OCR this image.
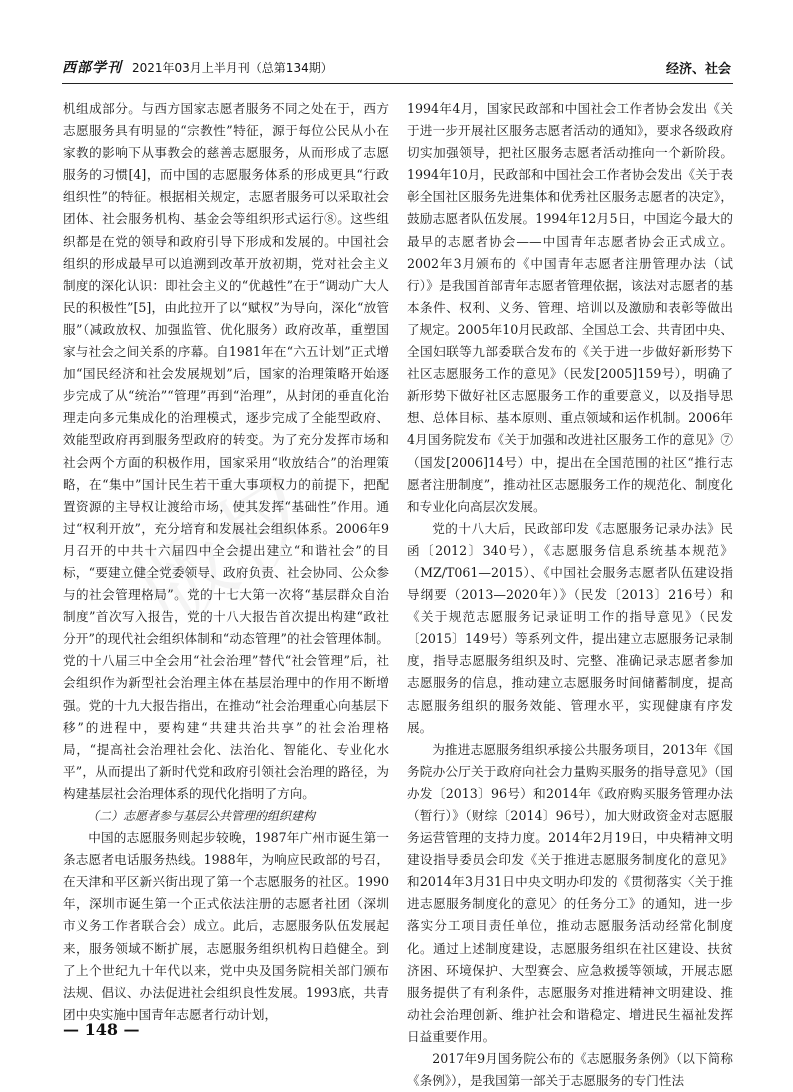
西部学刊 2021年03月上半月刊（总第134期）	经济、社会

机组成部分。与西方国家志愿者服务不同之处在于，西方志愿服务具有明显的“宗教性”特征，源于每位公民从小在家教的影响下从事教会的慈善志愿服务，从而形成了志愿服务的习惯[4]，而中国的志愿服务体系的形成更具“行政组织性”的特征。根据相关规定，志愿者服务可以采取社会团体、社会服务机构、基金会等组织形式运行⑧。这些组织都是在党的领导和政府引导下形成和发展的。中国社会组织的形成最早可以追溯到改革开放初期，党对社会主义制度的深化认识：即社会主义的“优越性”在于“调动广大人民的积极性”[5]，由此拉开了以“赋权”为导向，深化“放管服”（减政放权、加强监管、优化服务）政府改革，重塑国家与社会之间关系的序幕。自1981年在“六五计划”正式增加“国民经济和社会发展规划”后，国家的治理策略开始逐步完成了从“统治”“管理”再到“治理”，从封闭的垂直化治理走向多元集成化的治理模式，逐步完成了全能型政府、效能型政府再到服务型政府的转变。为了充分发挥市场和社会两个方面的积极作用，国家采用“收放结合”的治理策略，在“集中”国计民生若干重大事项权力的前提下，把配置资源的主导权让渡给市场，使其发挥“基础性”作用。通过“权利开放”，充分培育和发展社会组织体系。2006年9月召开的中共十六届四中全会提出建立“和谐社会”的目标，“要建立健全党委领导、政府负责、社会协同、公众参与的社会管理格局”。党的十七大第一次将“基层群众自治制度”首次写入报告，党的十八大报告首次提出构建“政社分开”的现代社会组织体制和“动态管理”的社会管理体制。党的十八届三中全会用“社会治理”替代“社会管理”后，社会组织作为新型社会治理主体在基层治理中的作用不断增强。党的十九大报告指出，在推动“社会治理重心向基层下移”的进程中，要构建“共建共治共享”的社会治理格局，“提高社会治理社会化、法治化、智能化、专业化水平”，从而提出了新时代党和政府引领社会治理的路径，为构建基层社会治理体系的现代化指明了方向。

（二）志愿者参与基层公共管理的组织建构

中国的志愿服务则起步较晚，1987年广州市诞生第一条志愿者电话服务热线。1988年，为响应民政部的号召，在天津和平区新兴街出现了第一个志愿服务的社区。1990年，深圳市诞生第一个正式依法注册的志愿者社团（深圳市义务工作者联合会）成立。此后，志愿服务队伍发展起来，服务领域不断扩展，志愿服务组织机构日趋健全。到了上个世纪九十年代以来，党中央及国务院相关部门颁布法规、倡议、办法促进社会组织良性发展。1993底，共青团中央实施中国青年志愿者行动计划，

1994年4月，国家民政部和中国社会工作者协会发出《关于进一步开展社区服务志愿者活动的通知》，要求各级政府切实加强领导，把社区服务志愿者活动推向一个新阶段。1994年10月，民政部和中国社会工作者协会发出《关于表彰全国社区服务先进集体和优秀社区服务志愿者的决定》，鼓励志愿者队伍发展。1994年12月5日，中国迄今最大的最早的志愿者协会——中国青年志愿者协会正式成立。2002年3月颁布的《中国青年志愿者注册管理办法（试行）》是我国首部青年志愿者管理依据，该法对志愿者的基本条件、权利、义务、管理、培训以及激励和表彰等做出了规定。2005年10月民政部、全国总工会、共青团中央、全国妇联等九部委联合发布的《关于进一步做好新形势下社区志愿服务工作的意见》（民发[2005]159号），明确了新形势下做好社区志愿服务工作的重要意义，以及指导思想、总体目标、基本原则、重点领域和运作机制。2006年4月国务院发布《关于加强和改进社区服务工作的意见》⑦（国发[2006]14号）中，提出在全国范围的社区“推行志愿者注册制度”，推动社区志愿服务工作的规范化、制度化和专业化向高层次发展。

党的十八大后，民政部印发《志愿服务记录办法》民函〔2012〕340号），《志愿服务信息系统基本规范》（MZ/T061—2015）、《中国社会服务志愿者队伍建设指导纲要（2013—2020年）》（民发〔2013〕216号）和《关于规范志愿服务记录证明工作的指导意见》（民发〔2015〕149号）等系列文件，提出建立志愿服务记录制度，指导志愿服务组织及时、完整、准确记录志愿者参加志愿服务的信息，推动建立志愿服务时间储蓄制度，提高志愿服务组织的服务效能、管理水平，实现健康有序发展。

为推进志愿服务组织承接公共服务项目，2013年《国务院办公厅关于政府向社会力量购买服务的指导意见》（国办发〔2013〕96号）和2014年《政府购买服务管理办法（暂行）》（财综〔2014〕96号），加大财政资金对志愿服务运营管理的支持力度。2014年2月19日，中央精神文明建设指导委员会印发《关于推进志愿服务制度化的意见》和2014年3月31日中央文明办印发的《贯彻落实〈关于推进志愿服务制度化的意见〉的任务分工》的通知，进一步落实分工项目责任单位，推动志愿服务活动经常化制度化。通过上述制度建设，志愿服务组织在社区建设、扶贫济困、环境保护、大型赛会、应急救援等领域，开展志愿服务提供了有利条件，志愿服务对推进精神文明建设、推动社会治理创新、维护社会和谐稳定、增进民生福祉发挥日益重要作用。

2017年9月国务院公布的《志愿服务条例》（以下简称《条例》），是我国第一部关于志愿服务的专门性法

— 148 —
